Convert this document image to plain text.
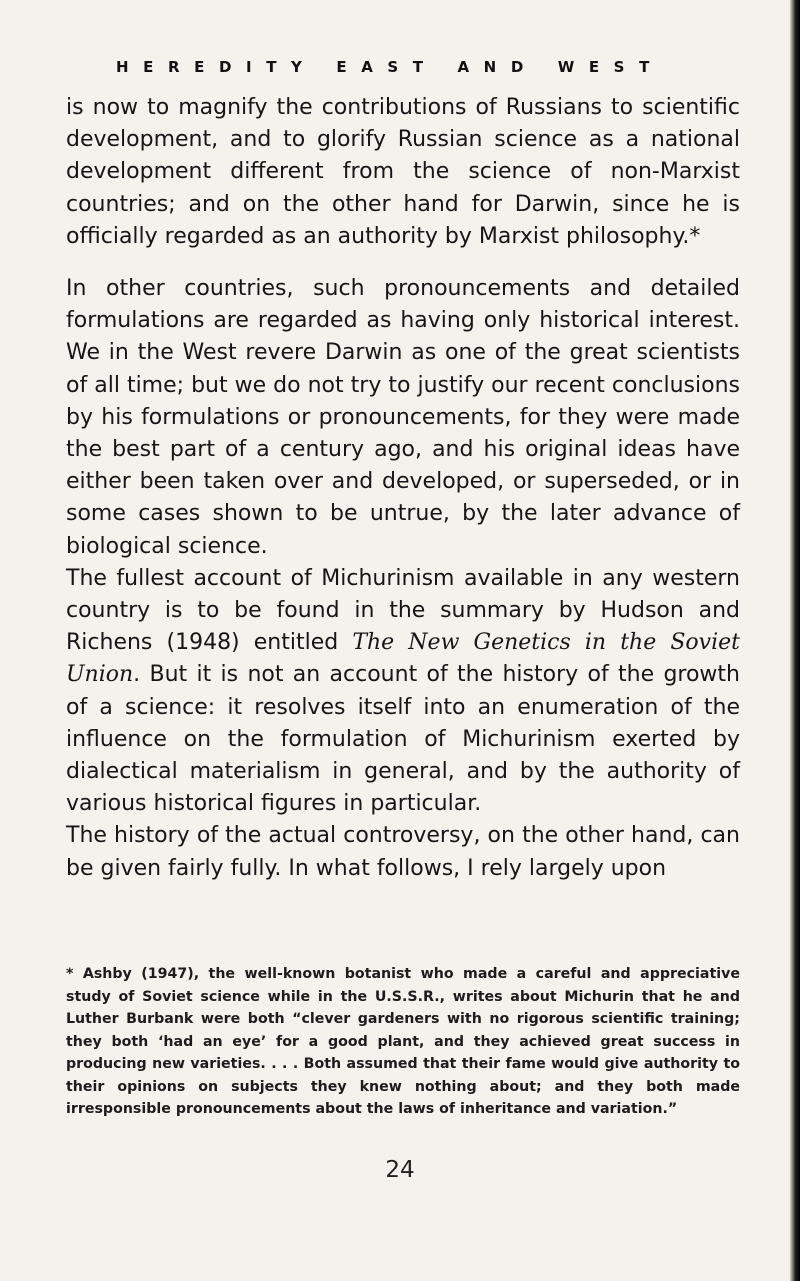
HEREDITY EAST AND WEST

is now to magnify the contributions of Russians to scientific development, and to glorify Russian science as a national development different from the science of non-Marxist countries; and on the other hand for Darwin, since he is officially regarded as an authority by Marxist philosophy.*

In other countries, such pronouncements and detailed formulations are regarded as having only historical interest. We in the West revere Darwin as one of the great scientists of all time; but we do not try to justify our recent conclusions by his formulations or pronouncements, for they were made the best part of a century ago, and his original ideas have either been taken over and developed, or superseded, or in some cases shown to be untrue, by the later advance of biological science.

The fullest account of Michurinism available in any western country is to be found in the summary by Hudson and Richens (1948) entitled The New Genetics in the Soviet Union. But it is not an account of the history of the growth of a science: it resolves itself into an enumeration of the influence on the formulation of Michurinism exerted by dialectical materialism in general, and by the authority of various historical figures in particular.

The history of the actual controversy, on the other hand, can be given fairly fully. In what follows, I rely largely upon

* Ashby (1947), the well-known botanist who made a careful and appreciative study of Soviet science while in the U.S.S.R., writes about Michurin that he and Luther Burbank were both “clever gardeners with no rigorous scientific training; they both ‘had an eye’ for a good plant, and they achieved great success in producing new varieties. . . . Both assumed that their fame would give authority to their opinions on subjects they knew nothing about; and they both made irresponsible pronouncements about the laws of inheritance and variation.”

24
